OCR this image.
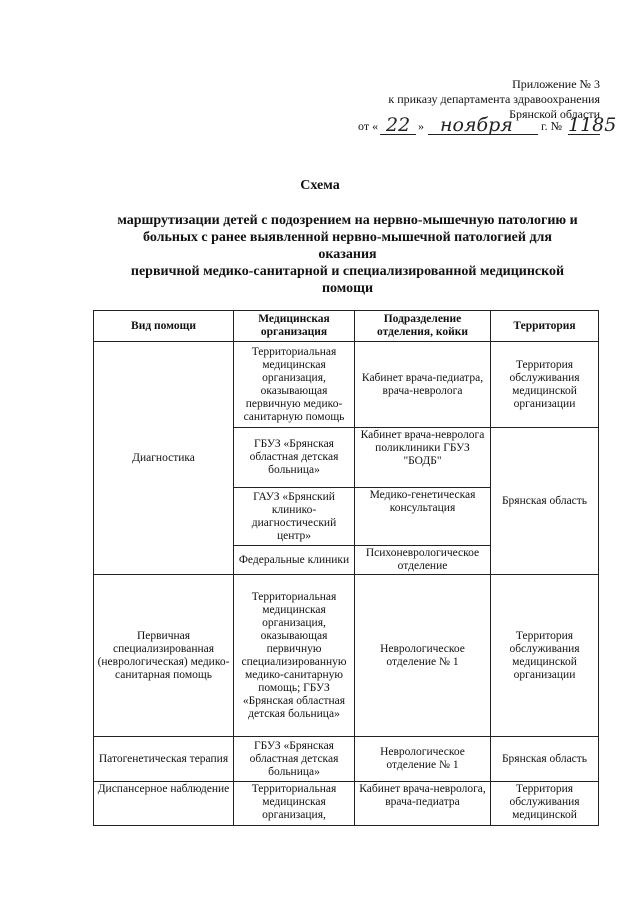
Приложение № 3
к приказу департамента здравоохранения
Брянской области
от « 22 » ноября г. № 1185
Схема
маршрутизации детей с подозрением на нервно-мышечную патологию и
больных с ранее выявленной нервно-мышечной патологией для
оказания
первичной медико-санитарной и специализированной медицинской
помощи
Вид помощи	Медицинская организация	Подразделение отделения, койки	Территория
Диагностика	Территориальная медицинская организация, оказывающая первичную медико-санитарную помощь	Кабинет врача-педиатра, врача-невролога	Территория обслуживания медицинской организации
	ГБУЗ «Брянская областная детская больница»	Кабинет врача-невролога поликлиники ГБУЗ "БОДБ"	Брянская область
	ГАУЗ «Брянский клинико-диагностический центр»	Медико-генетическая консультация	
	Федеральные клиники	Психоневрологическое отделение	
Первичная специализированная (неврологическая) медико-санитарная помощь	Территориальная медицинская организация, оказывающая первичную специализированную медико-санитарную помощь; ГБУЗ «Брянская областная детская больница»	Неврологическое отделение № 1	Территория обслуживания медицинской организации
Патогенетическая терапия	ГБУЗ «Брянская областная детская больница»	Неврологическое отделение № 1	Брянская область
Диспансерное наблюдение	Территориальная медицинская организация,	Кабинет врача-невролога, врача-педиатра	Территория обслуживания медицинской
